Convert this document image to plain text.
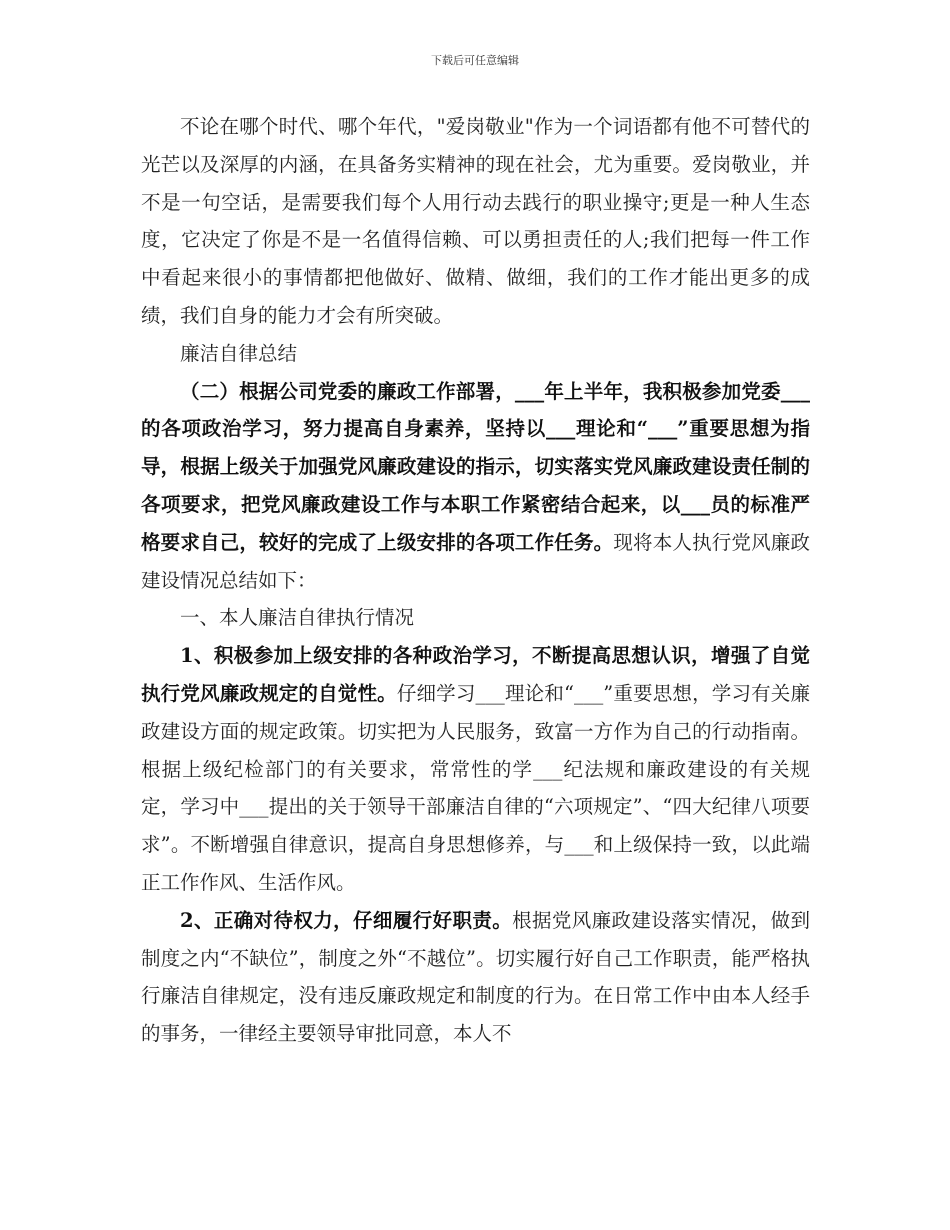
下载后可任意编辑

不论在哪个时代、哪个年代，"爱岗敬业"作为一个词语都有他不可替代的光芒以及深厚的内涵，在具备务实精神的现在社会，尤为重要。爱岗敬业，并不是一句空话，是需要我们每个人用行动去践行的职业操守;更是一种人生态度，它决定了你是不是一名值得信赖、可以勇担责任的人;我们把每一件工作中看起来很小的事情都把他做好、做精、做细，我们的工作才能出更多的成绩，我们自身的能力才会有所突破。

廉洁自律总结

（二）根据公司党委的廉政工作部署，___年上半年，我积极参加党委___的各项政治学习，努力提高自身素养，坚持以___理论和“___”重要思想为指导，根据上级关于加强党风廉政建设的指示，切实落实党风廉政建设责任制的各项要求，把党风廉政建设工作与本职工作紧密结合起来，以___员的标准严格要求自己，较好的完成了上级安排的各项工作任务。现将本人执行党风廉政建设情况总结如下：

一、本人廉洁自律执行情况

1、积极参加上级安排的各种政治学习，不断提高思想认识，增强了自觉执行党风廉政规定的自觉性。仔细学习___理论和“___”重要思想，学习有关廉政建设方面的规定政策。切实把为人民服务，致富一方作为自己的行动指南。根据上级纪检部门的有关要求，常常性的学___纪法规和廉政建设的有关规定，学习中___提出的关于领导干部廉洁自律的“六项规定”、“四大纪律八项要求”。不断增强自律意识，提高自身思想修养，与___和上级保持一致，以此端正工作作风、生活作风。

2、正确对待权力，仔细履行好职责。根据党风廉政建设落实情况，做到制度之内“不缺位”，制度之外“不越位”。切实履行好自己工作职责，能严格执行廉洁自律规定，没有违反廉政规定和制度的行为。在日常工作中由本人经手的事务，一律经主要领导审批同意，本人不
